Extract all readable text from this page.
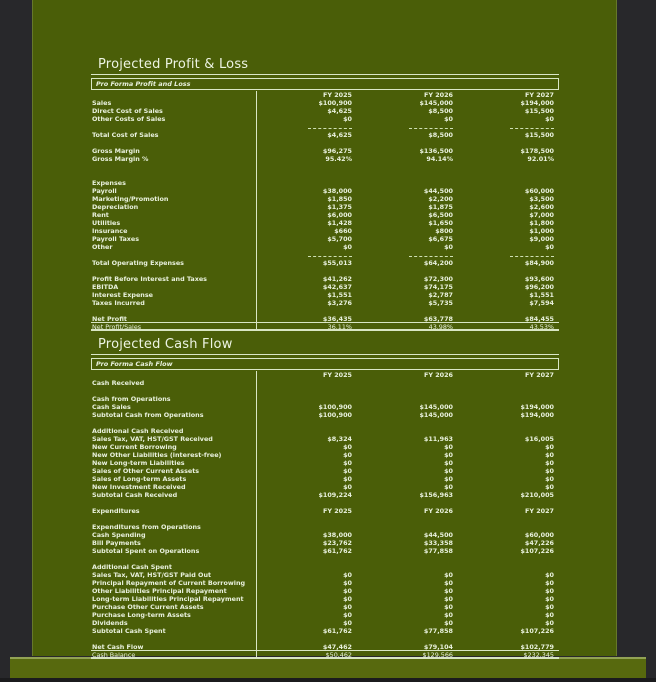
Projected Profit & Loss
Pro Forma Profit and Loss
FY 2025	FY 2026	FY 2027
Sales	$100,900	$145,000	$194,000
Direct Cost of Sales	$4,625	$8,500	$15,500
Other Costs of Sales	$0	$0	$0
Total Cost of Sales	$4,625	$8,500	$15,500
Gross Margin	$96,275	$136,500	$178,500
Gross Margin %	95.42%	94.14%	92.01%
Expenses
Payroll	$38,000	$44,500	$60,000
Marketing/Promotion	$1,850	$2,200	$3,500
Depreciation	$1,375	$1,875	$2,600
Rent	$6,000	$6,500	$7,000
Utilities	$1,428	$1,650	$1,800
Insurance	$660	$800	$1,000
Payroll Taxes	$5,700	$6,675	$9,000
Other	$0	$0	$0
Total Operating Expenses	$55,013	$64,200	$84,900
Profit Before Interest and Taxes	$41,262	$72,300	$93,600
EBITDA	$42,637	$74,175	$96,200
Interest Expense	$1,551	$2,787	$1,551
Taxes Incurred	$3,276	$5,735	$7,594
Net Profit	$36,435	$63,778	$84,455
Net Profit/Sales	36.11%	43.98%	43.53%
Projected Cash Flow
Pro Forma Cash Flow
FY 2025	FY 2026	FY 2027
Cash Received
Cash from Operations
Cash Sales	$100,900	$145,000	$194,000
Subtotal Cash from Operations	$100,900	$145,000	$194,000
Additional Cash Received
Sales Tax, VAT, HST/GST Received	$8,324	$11,963	$16,005
New Current Borrowing	$0	$0	$0
New Other Liabilities (interest-free)	$0	$0	$0
New Long-term Liabilities	$0	$0	$0
Sales of Other Current Assets	$0	$0	$0
Sales of Long-term Assets	$0	$0	$0
New Investment Received	$0	$0	$0
Subtotal Cash Received	$109,224	$156,963	$210,005
Expenditures	FY 2025	FY 2026	FY 2027
Expenditures from Operations
Cash Spending	$38,000	$44,500	$60,000
Bill Payments	$23,762	$33,358	$47,226
Subtotal Spent on Operations	$61,762	$77,858	$107,226
Additional Cash Spent
Sales Tax, VAT, HST/GST Paid Out	$0	$0	$0
Principal Repayment of Current Borrowing	$0	$0	$0
Other Liabilities Principal Repayment	$0	$0	$0
Long-term Liabilities Principal Repayment	$0	$0	$0
Purchase Other Current Assets	$0	$0	$0
Purchase Long-term Assets	$0	$0	$0
Dividends	$0	$0	$0
Subtotal Cash Spent	$61,762	$77,858	$107,226
Net Cash Flow	$47,462	$79,104	$102,779
Cash Balance	$50,462	$129,566	$232,345
